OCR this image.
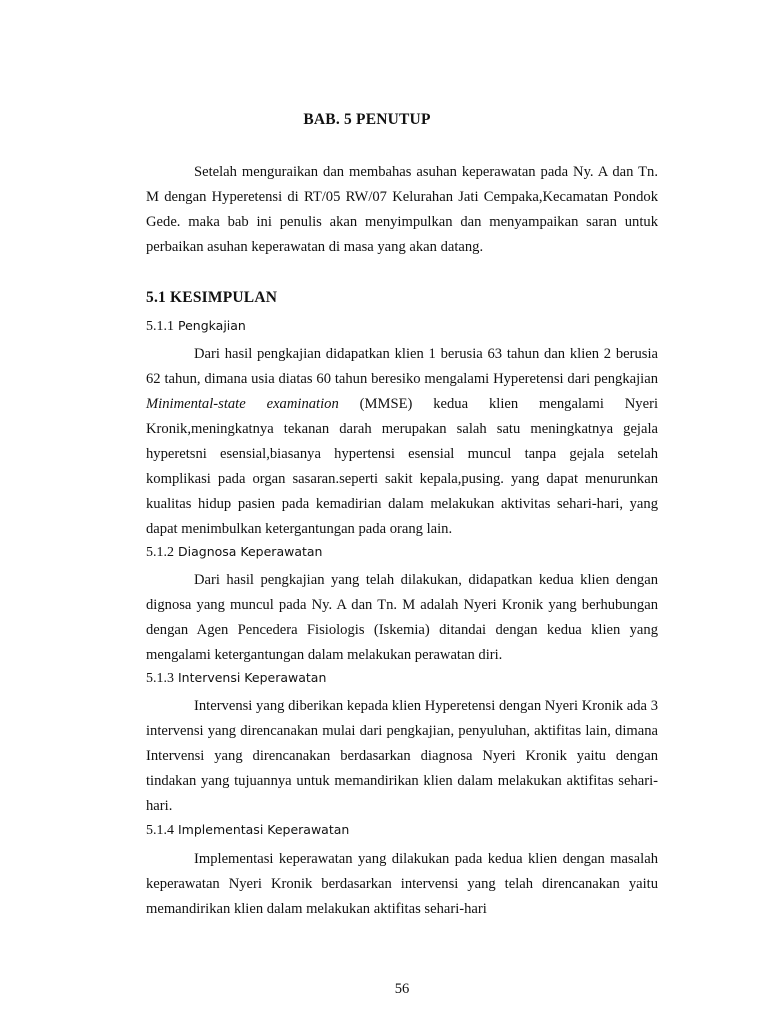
BAB. 5 PENUTUP

Setelah menguraikan dan membahas asuhan keperawatan pada Ny. A dan Tn. M dengan Hyperetensi di RT/05 RW/07 Kelurahan Jati Cempaka,Kecamatan Pondok Gede. maka bab ini penulis akan menyimpulkan dan menyampaikan saran untuk perbaikan asuhan keperawatan di masa yang akan datang.

5.1 KESIMPULAN
5.1.1 Pengkajian

Dari hasil pengkajian didapatkan klien 1 berusia 63 tahun dan klien 2 berusia 62 tahun, dimana usia diatas 60 tahun beresiko mengalami Hyperetensi dari pengkajian Minimental-state examination (MMSE) kedua klien mengalami Nyeri Kronik,meningkatnya tekanan darah merupakan salah satu meningkatnya gejala hyperetsni esensial,biasanya hypertensi esensial muncul tanpa gejala setelah komplikasi pada organ sasaran.seperti sakit kepala,pusing. yang dapat menurunkan kualitas hidup pasien pada kemadirian dalam melakukan aktivitas sehari-hari, yang dapat menimbulkan ketergantungan pada orang lain.

5.1.2 Diagnosa Keperawatan

Dari hasil pengkajian yang telah dilakukan, didapatkan kedua klien dengan dignosa yang muncul pada Ny. A dan Tn. M adalah Nyeri Kronik yang berhubungan dengan Agen Pencedera Fisiologis (Iskemia) ditandai dengan kedua klien yang mengalami ketergantungan dalam melakukan perawatan diri.

5.1.3 Intervensi Keperawatan

Intervensi yang diberikan kepada klien Hyperetensi dengan Nyeri Kronik ada 3 intervensi yang direncanakan mulai dari pengkajian, penyuluhan, aktifitas lain, dimana Intervensi yang direncanakan berdasarkan diagnosa Nyeri Kronik yaitu dengan tindakan yang tujuannya untuk memandirikan klien dalam melakukan aktifitas sehari-hari.

5.1.4 Implementasi Keperawatan

Implementasi keperawatan yang dilakukan pada kedua klien dengan masalah keperawatan Nyeri Kronik berdasarkan intervensi yang telah direncanakan yaitu memandirikan klien dalam melakukan aktifitas sehari-hari

56
